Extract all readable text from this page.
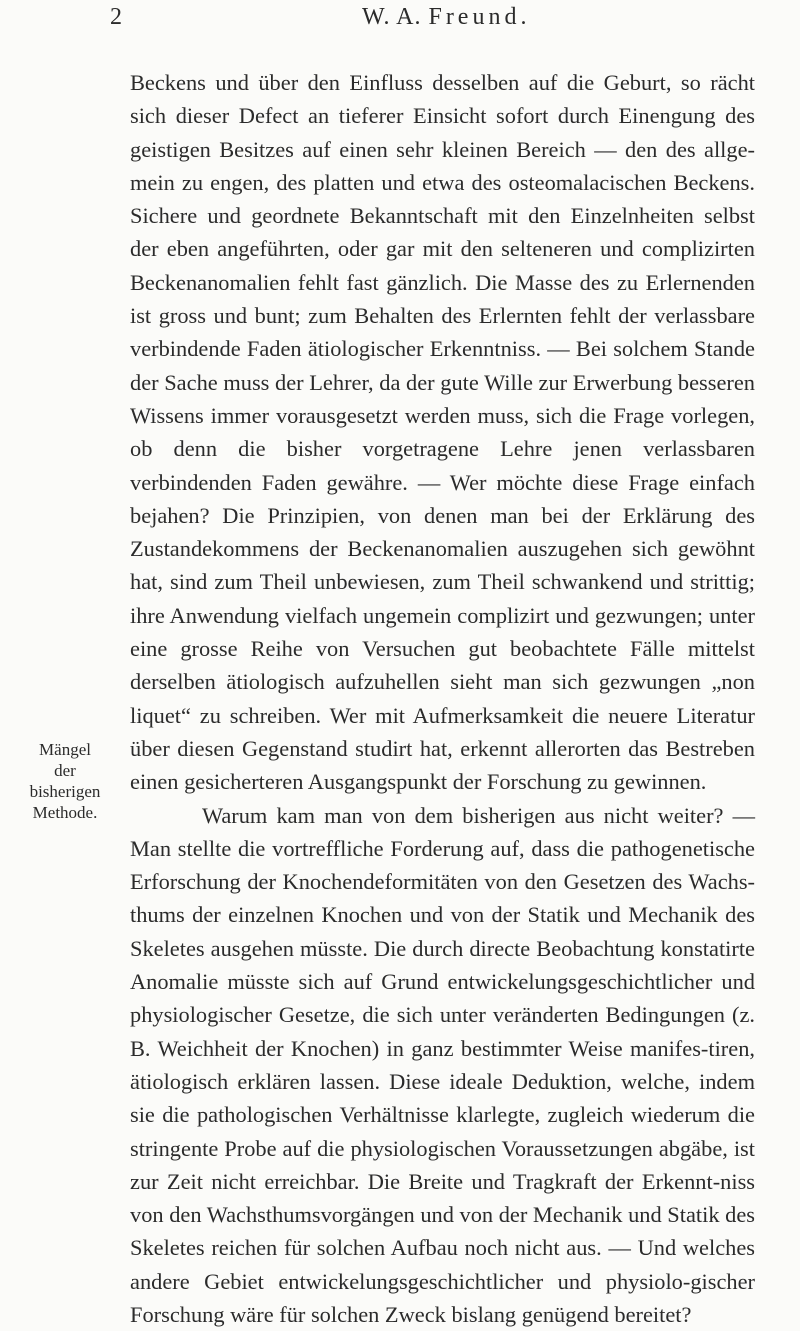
2	W. A. Freund.
Mängel
der
bisherigen
Methode.

Beckens und über den Einfluss desselben auf die Geburt, so rächt sich dieser Defect an tieferer Einsicht sofort durch Einengung des geistigen Besitzes auf einen sehr kleinen Bereich — den des allge-mein zu engen, des platten und etwa des osteomalacischen Beckens. Sichere und geordnete Bekanntschaft mit den Einzelnheiten selbst der eben angeführten, oder gar mit den selteneren und complizirten Beckenanomalien fehlt fast gänzlich. Die Masse des zu Erlernenden ist gross und bunt; zum Behalten des Erlernten fehlt der verlassbare verbindende Faden ätiologischer Erkenntniss. — Bei solchem Stande der Sache muss der Lehrer, da der gute Wille zur Erwerbung besseren Wissens immer vorausgesetzt werden muss, sich die Frage vorlegen, ob denn die bisher vorgetragene Lehre jenen verlassbaren verbindenden Faden gewähre. — Wer möchte diese Frage einfach bejahen? Die Prinzipien, von denen man bei der Erklärung des Zustandekommens der Beckenanomalien auszugehen sich gewöhnt hat, sind zum Theil unbewiesen, zum Theil schwankend und strittig; ihre Anwendung vielfach ungemein complizirt und gezwungen; unter eine grosse Reihe von Versuchen gut beobachtete Fälle mittelst derselben ätiologisch aufzuhellen sieht man sich gezwungen „non liquet“ zu schreiben. Wer mit Aufmerksamkeit die neuere Literatur über diesen Gegenstand studirt hat, erkennt allerorten das Bestreben einen gesicherteren Ausgangspunkt der Forschung zu gewinnen.

Warum kam man von dem bisherigen aus nicht weiter? — Man stellte die vortreffliche Forderung auf, dass die pathogenetische Erforschung der Knochendeformitäten von den Gesetzen des Wachs-thums der einzelnen Knochen und von der Statik und Mechanik des Skeletes ausgehen müsste. Die durch directe Beobachtung konstatirte Anomalie müsste sich auf Grund entwickelungsgeschichtlicher und physiologischer Gesetze, die sich unter veränderten Bedingungen (z. B. Weichheit der Knochen) in ganz bestimmter Weise manifes-tiren, ätiologisch erklären lassen. Diese ideale Deduktion, welche, indem sie die pathologischen Verhältnisse klarlegte, zugleich wiederum die stringente Probe auf die physiologischen Voraussetzungen abgäbe, ist zur Zeit nicht erreichbar. Die Breite und Tragkraft der Erkennt-niss von den Wachsthumsvorgängen und von der Mechanik und Statik des Skeletes reichen für solchen Aufbau noch nicht aus. — Und welches andere Gebiet entwickelungsgeschichtlicher und physiolo-gischer Forschung wäre für solchen Zweck bislang genügend bereitet?
